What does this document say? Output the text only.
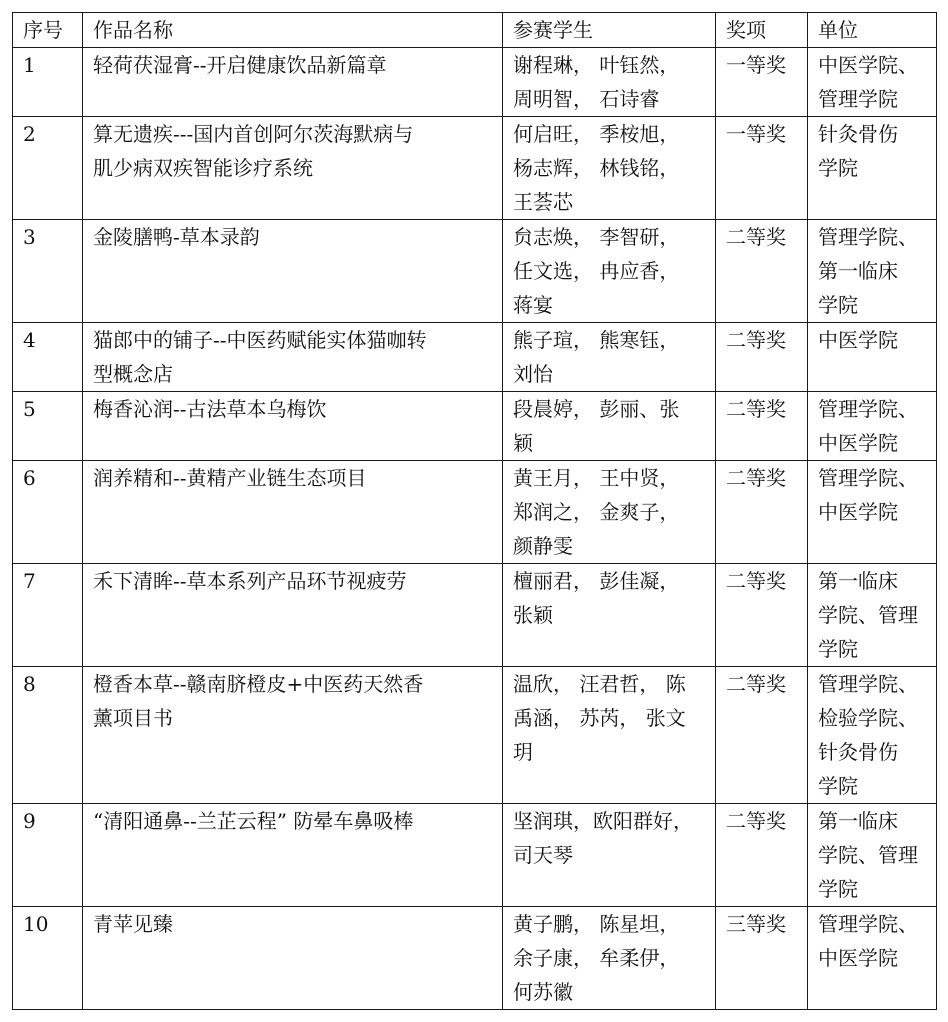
序号	作品名称	参赛学生	奖项	单位
1	轻荷茯湿膏--开启健康饮品新篇章	谢程琳， 叶钰然，
周明智， 石诗睿	一等奖	中医学院、
管理学院
2	算无遗疾---国内首创阿尔茨海默病与
肌少病双疾智能诊疗系统	何启旺， 季桉旭，
杨志辉， 林钱铭，
王荟芯	一等奖	针灸骨伤
学院
3	金陵膳鸭-草本录韵	贠志焕， 李智研，
任文选， 冉应香，
蒋宴	二等奖	管理学院、
第一临床
学院
4	猫郎中的铺子--中医药赋能实体猫咖转
型概念店	熊子瑄， 熊寒钰，
刘怡	二等奖	中医学院
5	梅香沁润--古法草本乌梅饮	段晨婷， 彭丽、张
颖	二等奖	管理学院、
中医学院
6	润养精和--黄精产业链生态项目	黄王月， 王中贤，
郑润之， 金爽子，
颜静雯	二等奖	管理学院、
中医学院
7	禾下清眸--草本系列产品环节视疲劳	檀丽君， 彭佳凝，
张颖	二等奖	第一临床
学院、管理
学院
8	橙香本草--赣南脐橙皮+中医药天然香
薰项目书	温欣， 汪君哲， 陈
禹涵， 苏芮， 张文
玥	二等奖	管理学院、
检验学院、
针灸骨伤
学院
9	“清阳通鼻--兰芷云程” 防晕车鼻吸棒	坚润琪，欧阳群好，
司天琴	二等奖	第一临床
学院、管理
学院
10	青苹见臻	黄子鹏， 陈星坦，
余子康， 牟柔伊，
何苏徽	三等奖	管理学院、
中医学院
